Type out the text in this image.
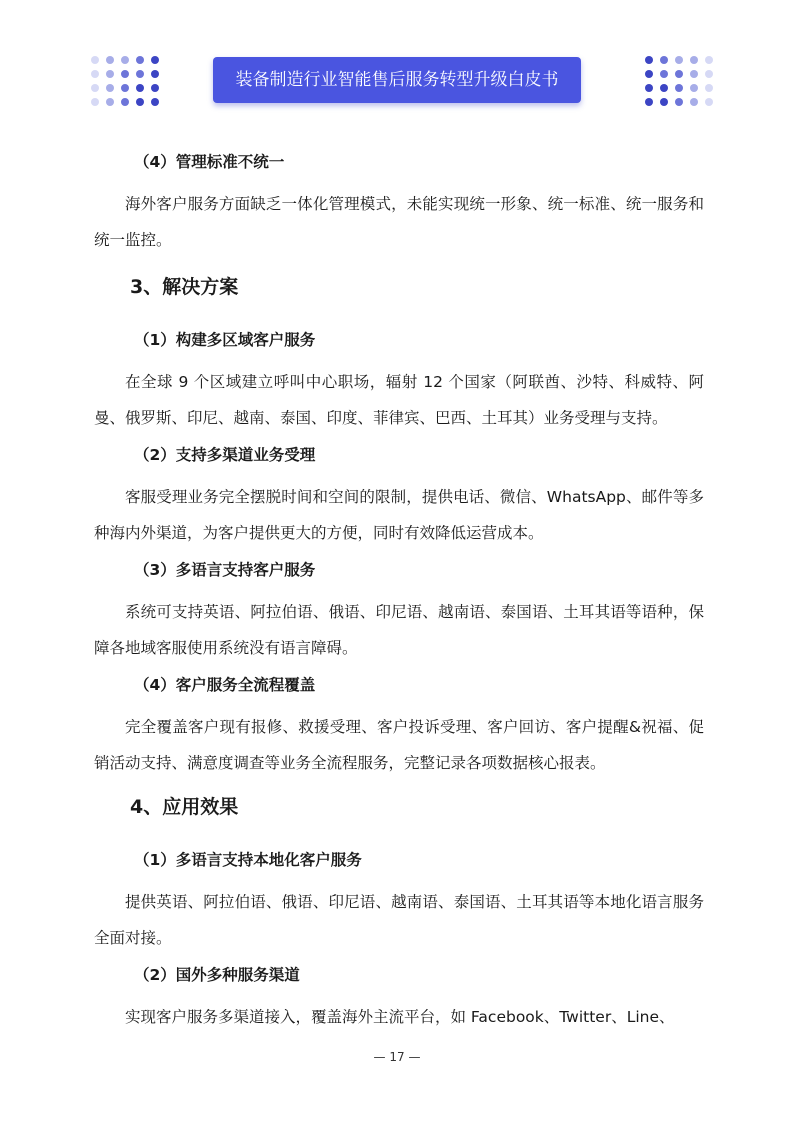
装备制造行业智能售后服务转型升级白皮书
（4）管理标准不统一
海外客户服务方面缺乏一体化管理模式，未能实现统一形象、统一标准、统一服务和统一监控。
3、解决方案
（1）构建多区域客户服务
在全球 9 个区域建立呼叫中心职场，辐射 12 个国家（阿联酋、沙特、科威特、阿曼、俄罗斯、印尼、越南、泰国、印度、菲律宾、巴西、土耳其）业务受理与支持。
（2）支持多渠道业务受理
客服受理业务完全摆脱时间和空间的限制，提供电话、微信、WhatsApp、邮件等多种海内外渠道，为客户提供更大的方便，同时有效降低运营成本。
（3）多语言支持客户服务
系统可支持英语、阿拉伯语、俄语、印尼语、越南语、泰国语、土耳其语等语种，保障各地域客服使用系统没有语言障碍。
（4）客户服务全流程覆盖
完全覆盖客户现有报修、救援受理、客户投诉受理、客户回访、客户提醒&祝福、促销活动支持、满意度调查等业务全流程服务，完整记录各项数据核心报表。
4、应用效果
（1）多语言支持本地化客户服务
提供英语、阿拉伯语、俄语、印尼语、越南语、泰国语、土耳其语等本地化语言服务全面对接。
（2）国外多种服务渠道
实现客户服务多渠道接入，覆盖海外主流平台，如 Facebook、Twitter、Line、
— 17 —
